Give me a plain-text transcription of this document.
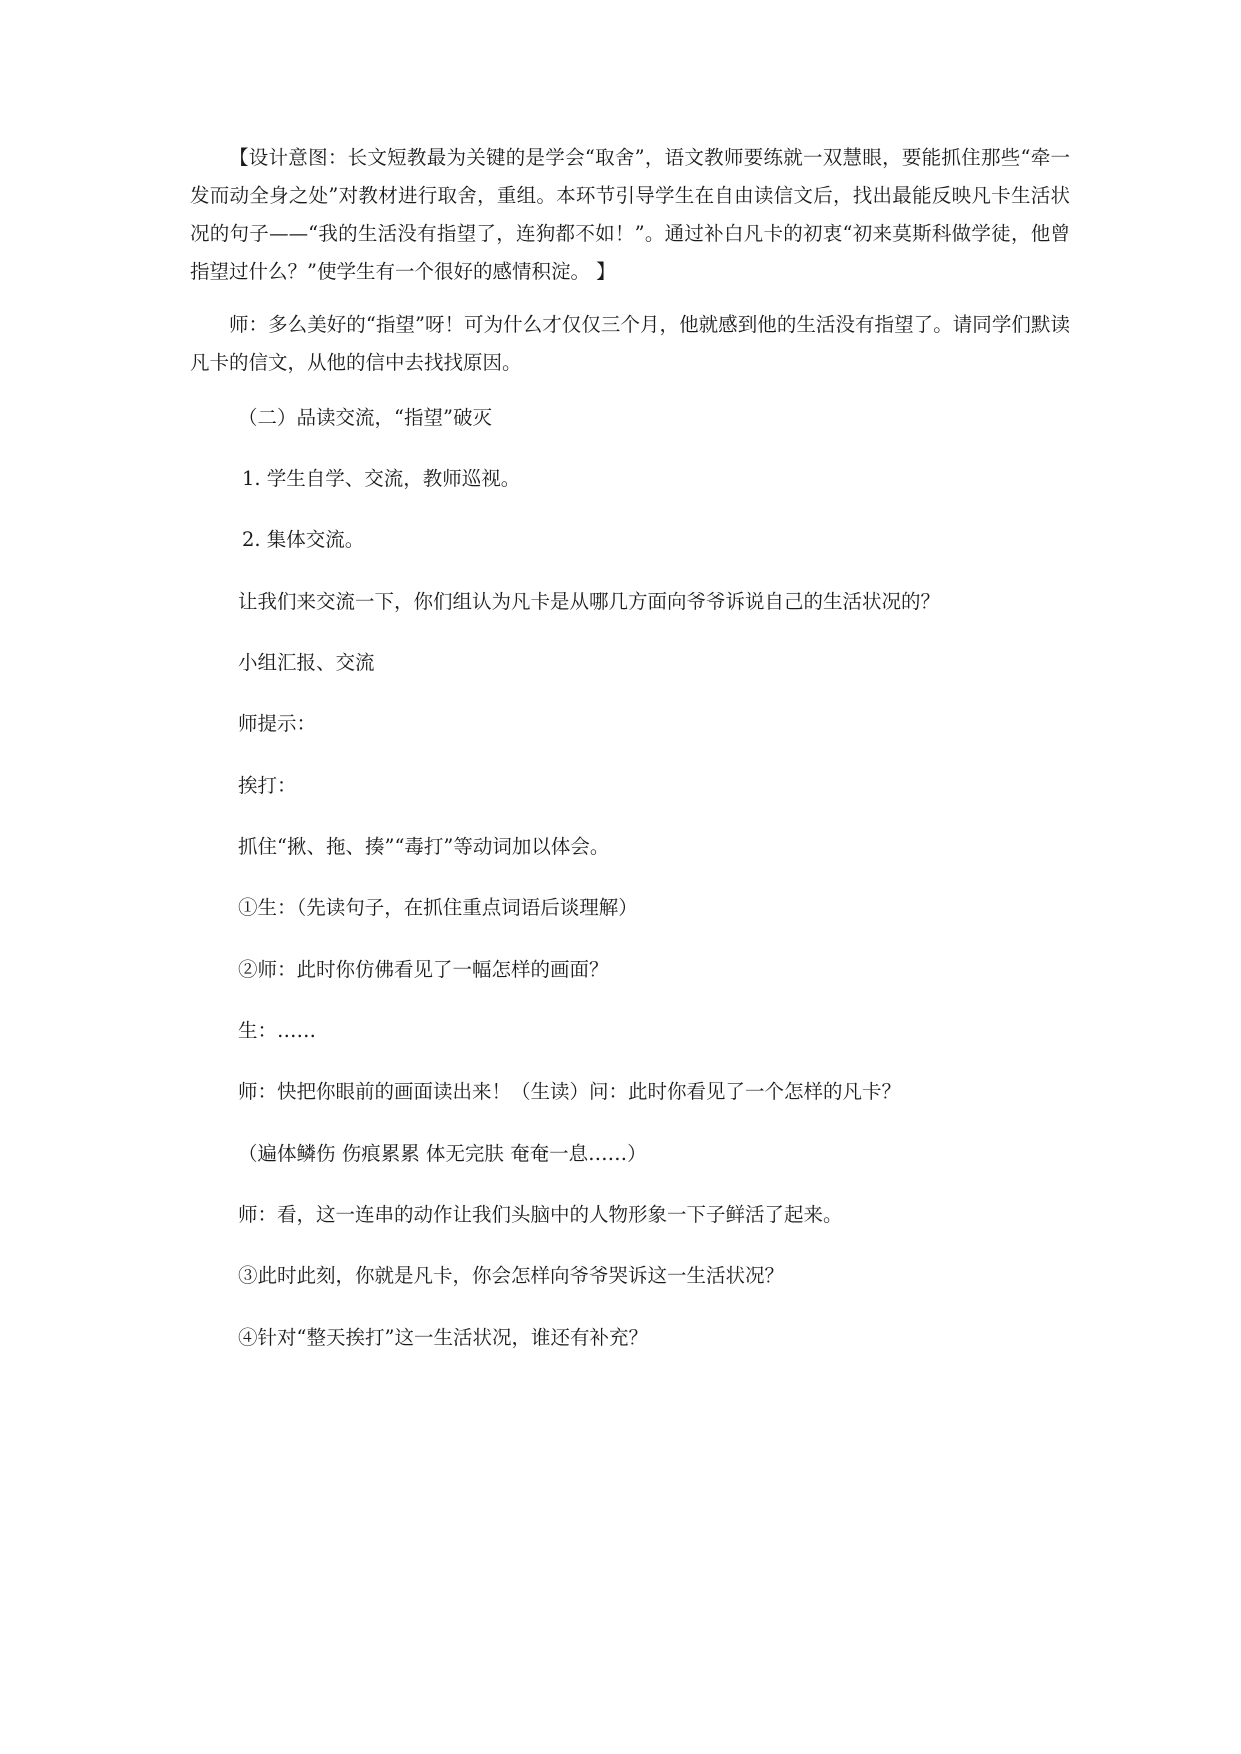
【设计意图：长文短教最为关键的是学会“取舍”，语文教师要练就一双慧眼，要能抓住那些“牵一发而动全身之处”对教材进行取舍，重组。本环节引导学生在自由读信文后，找出最能反映凡卡生活状况的句子——“我的生活没有指望了，连狗都不如！”。通过补白凡卡的初衷“初来莫斯科做学徒，他曾指望过什么？”使学生有一个很好的感情积淀。 】

师：多么美好的“指望”呀！可为什么才仅仅三个月，他就感到他的生活没有指望了。请同学们默读凡卡的信文，从他的信中去找找原因。

（二）品读交流，“指望”破灭

1. 学生自学、交流，教师巡视。

2. 集体交流。

让我们来交流一下，你们组认为凡卡是从哪几方面向爷爷诉说自己的生活状况的？

小组汇报、交流

师提示：

挨打：

抓住“揪、拖、揍”“毒打”等动词加以体会。

①生：（先读句子，在抓住重点词语后谈理解）

②师：此时你仿佛看见了一幅怎样的画面？

生：……

师：快把你眼前的画面读出来！（生读）问：此时你看见了一个怎样的凡卡？

（遍体鳞伤 伤痕累累 体无完肤 奄奄一息……）

师：看，这一连串的动作让我们头脑中的人物形象一下子鲜活了起来。

③此时此刻，你就是凡卡，你会怎样向爷爷哭诉这一生活状况？

④针对“整天挨打”这一生活状况，谁还有补充？
